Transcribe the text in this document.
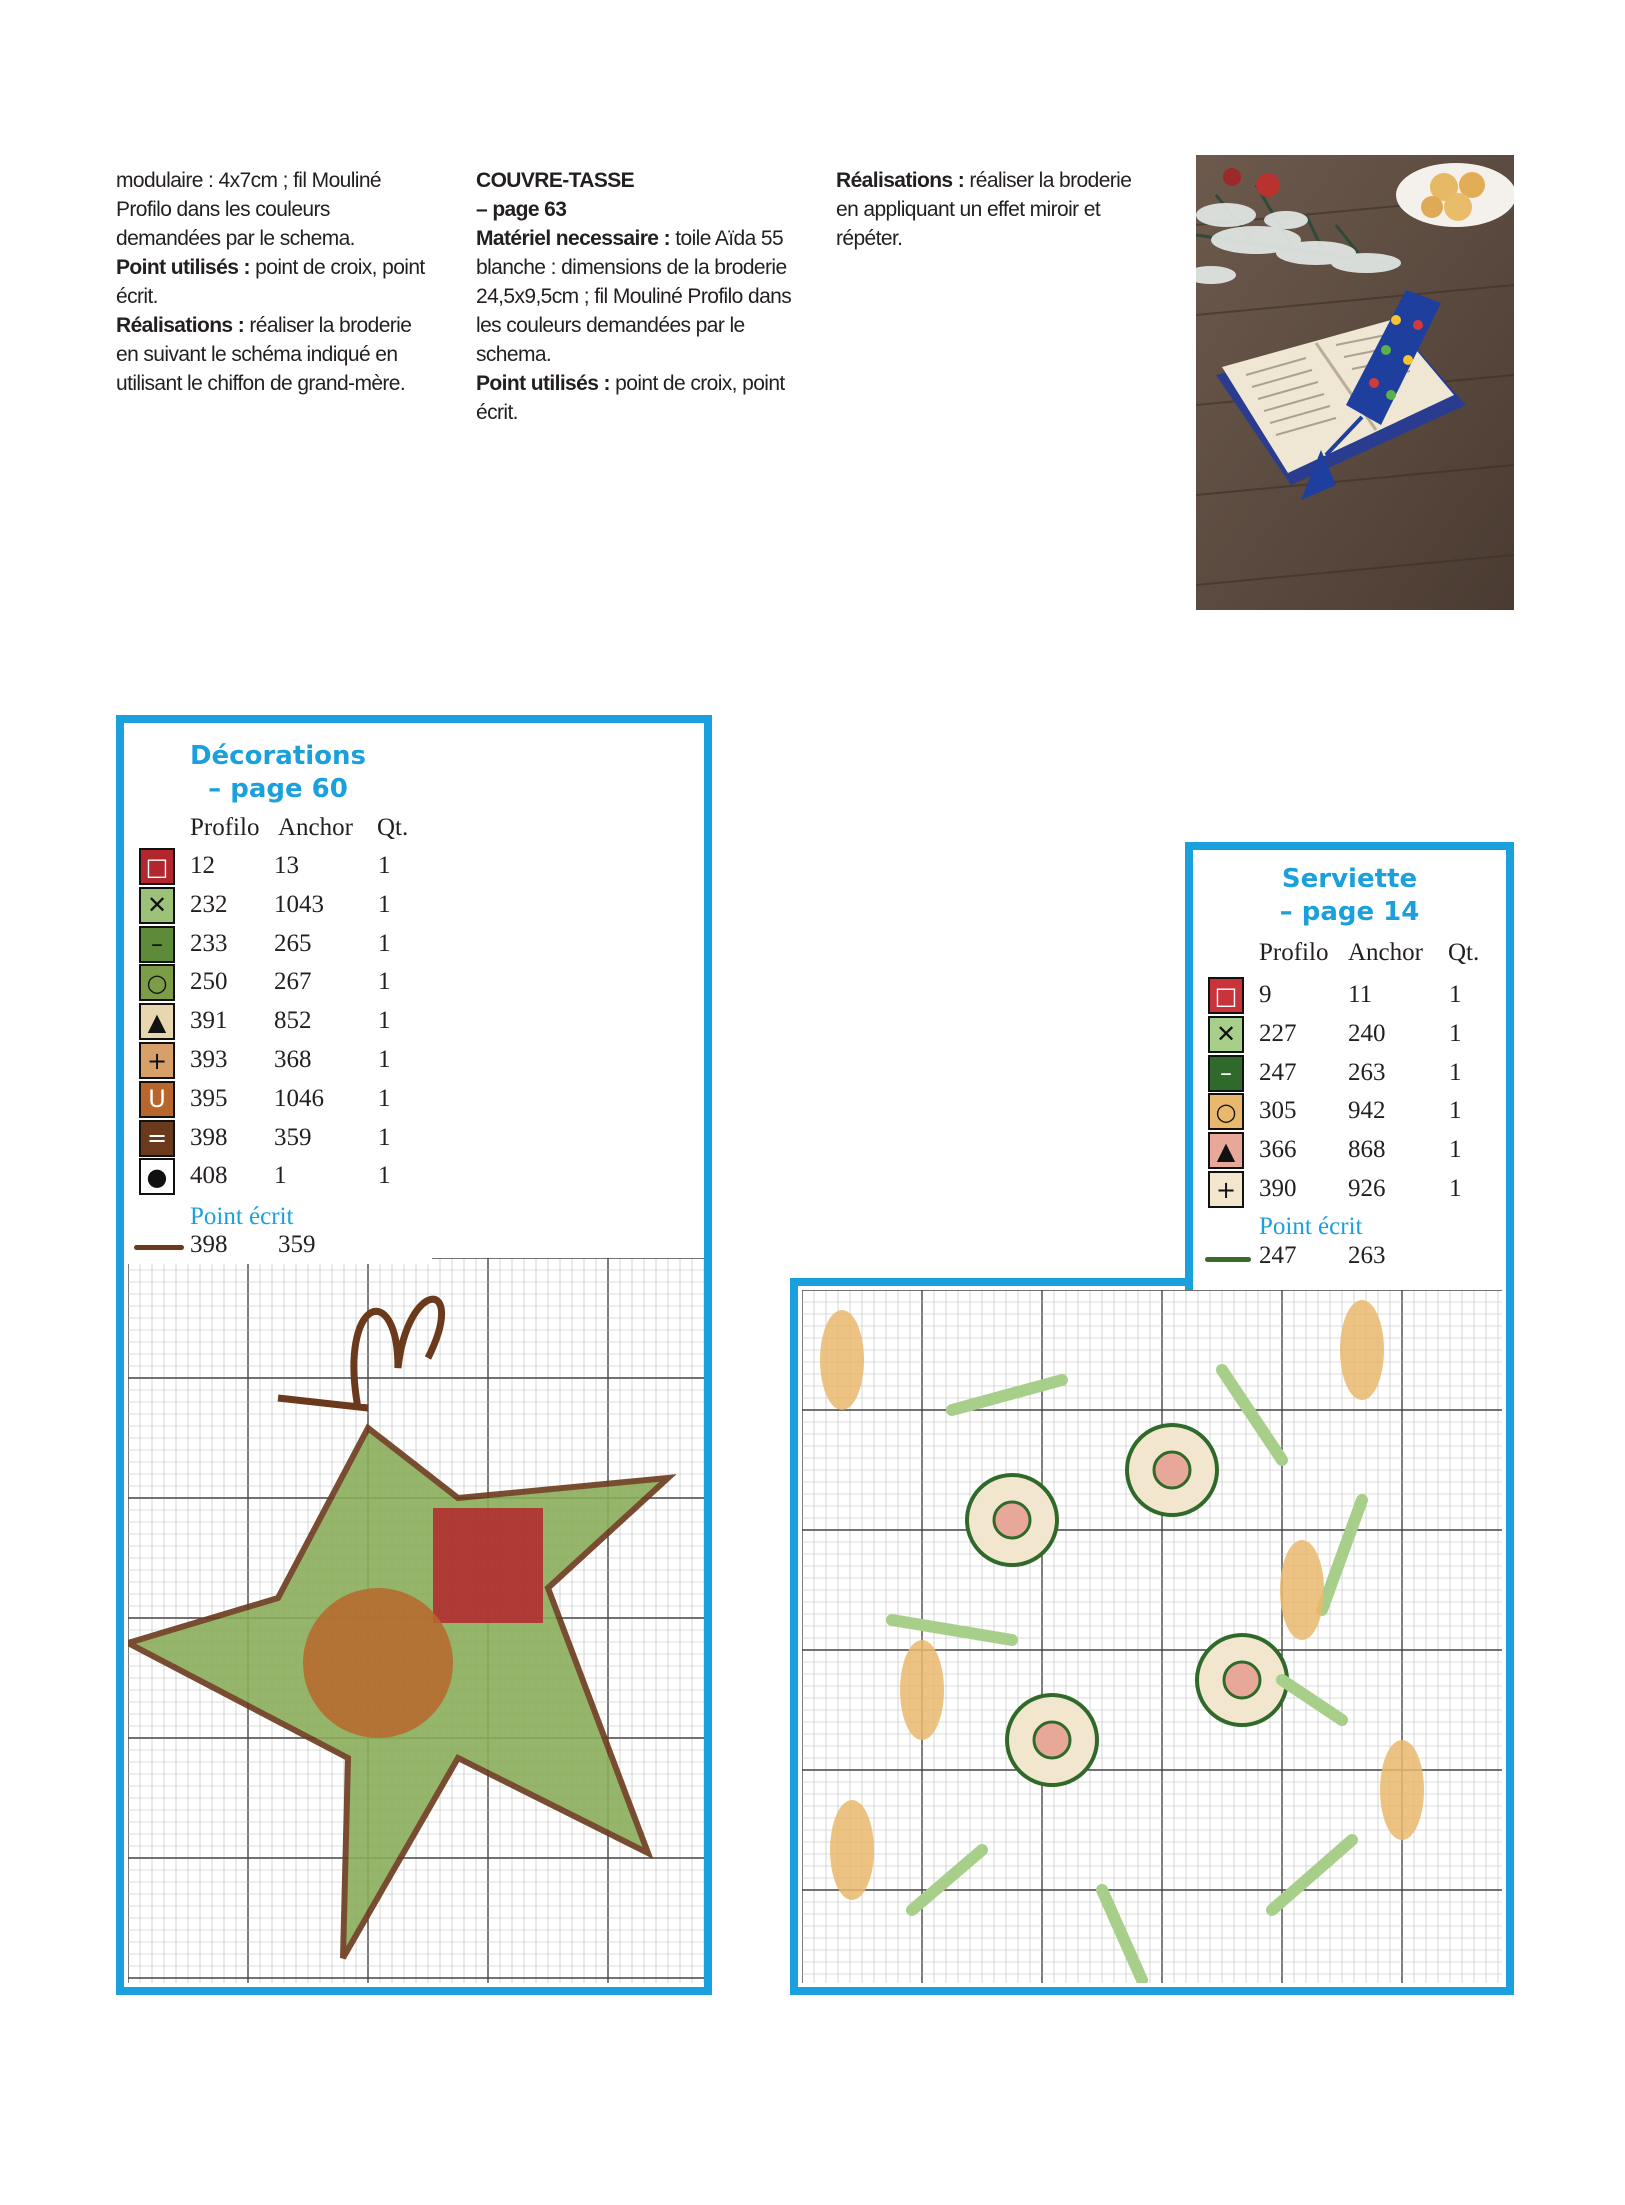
modulaire : 4x7cm ; fil Mouliné Profilo dans les couleurs demandées par le schema.

Point utilisés : point de croix, point écrit.

Réalisations : réaliser la broderie en suivant le schéma indiqué en utilisant le chiffon de grand-mère.

COUVRE-TASSE

– page 63

Matériel necessaire : toile Aïda 55 blanche : dimensions de la broderie 24,5x9,5cm ; fil Mouliné Profilo dans les couleurs demandées par le schema.

Point utilisés : point de croix, point écrit.

Réalisations : réaliser la broderie en appliquant un effet miroir et répéter.

Décorations
– page 60
Profilo Anchor Qt.
Point écrit
398 359
□ 12 13	1
✕ 232 1043 1
–	233 265	1
○ 250 267	1
▲ 391 852	1
+ 393 368	1
U 395 1046 1
= 398 359	1
● 408 1	1
Serviette
– page 14
Profilo Anchor Qt.
Point écrit
247 263
□ 9	11	1
✕ 227 240	1
–	247 263	1
○ 305 942	1
▲ 366 868	1
+ 390 926	1
